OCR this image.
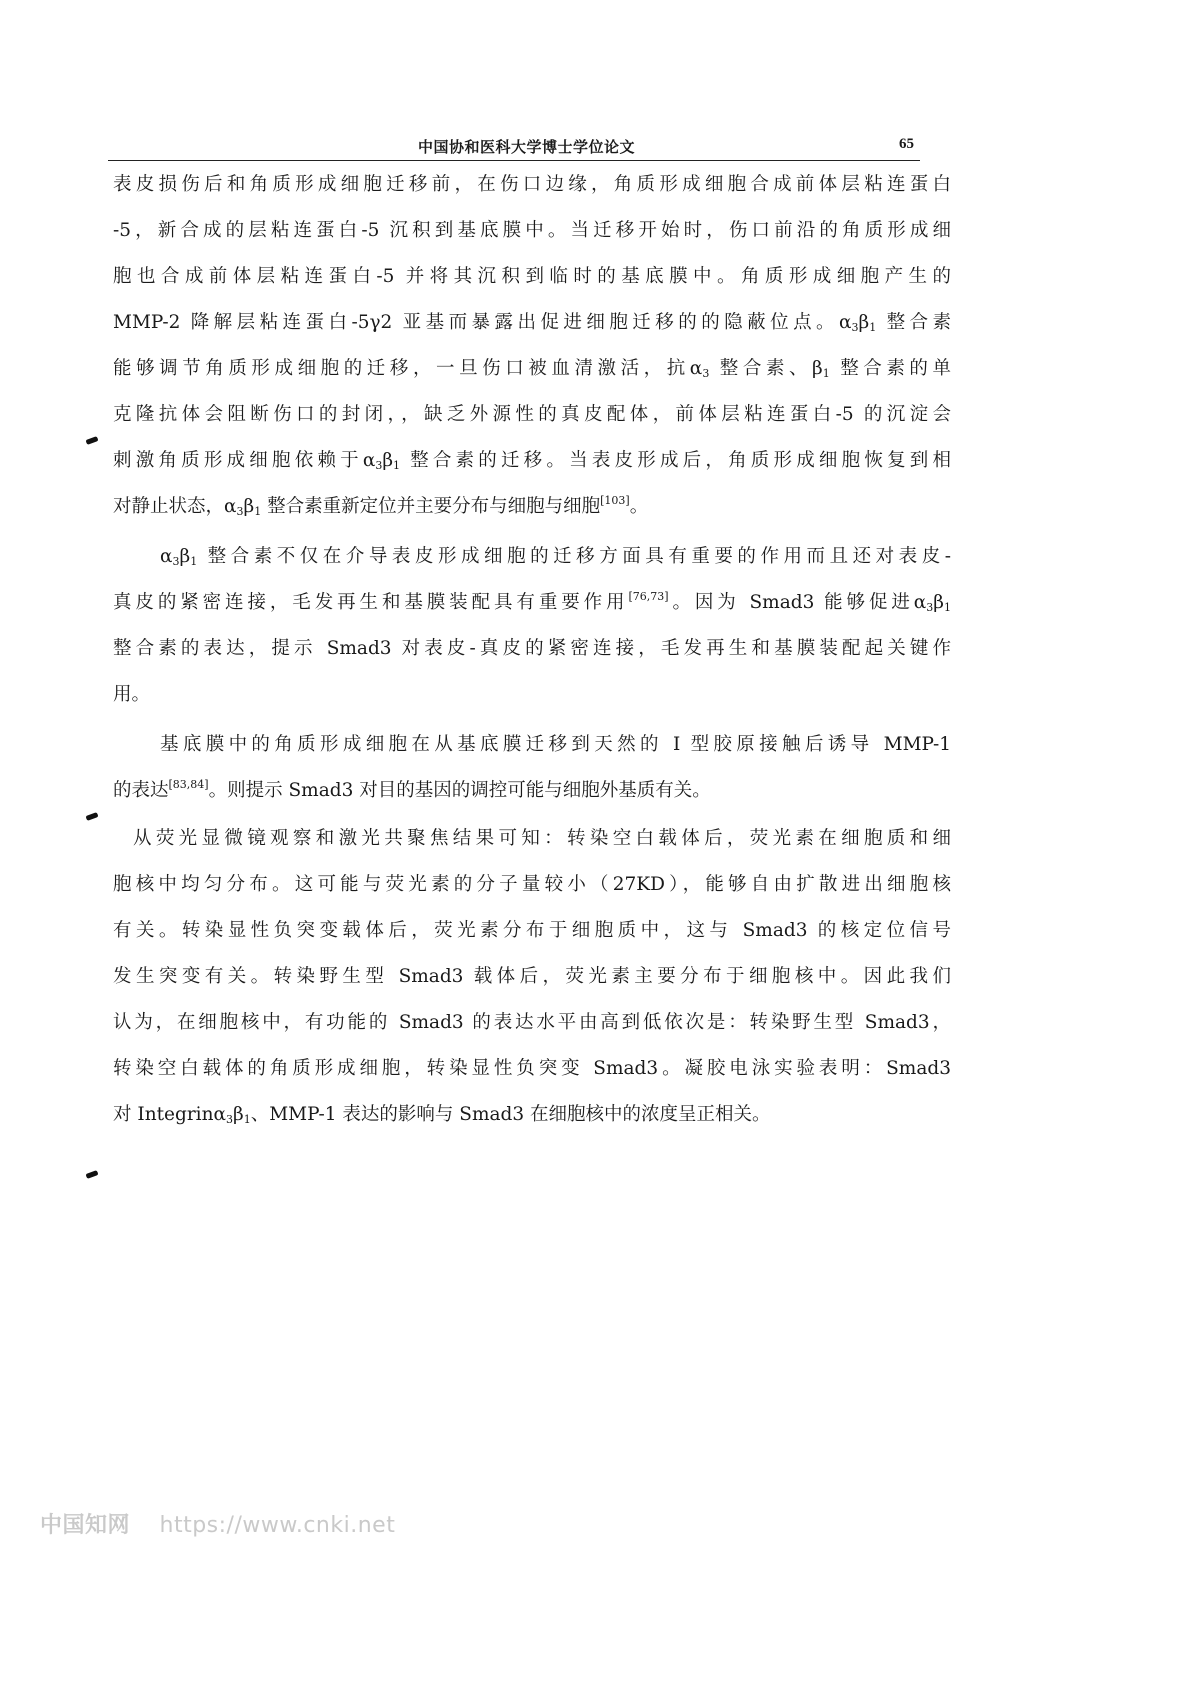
中国协和医科大学博士学位论文	65
表皮损伤后和角质形成细胞迁移前，在伤口边缘，角质形成细胞合成前体层粘连蛋白
-5，新合成的层粘连蛋白-5 沉积到基底膜中。当迁移开始时，伤口前沿的角质形成细
胞也合成前体层粘连蛋白-5 并将其沉积到临时的基底膜中。角质形成细胞产生的
MMP-2 降解层粘连蛋白-5γ2 亚基而暴露出促进细胞迁移的的隐蔽位点。$\alpha_3\beta_1$ 整合素
能够调节角质形成细胞的迁移，一旦伤口被血清激活，抗$\alpha_3$ 整合素、$\beta_1$ 整合素的单
克隆抗体会阻断伤口的封闭，，缺乏外源性的真皮配体，前体层粘连蛋白-5 的沉淀会
刺激角质形成细胞依赖于$\alpha_3\beta_1$ 整合素的迁移。当表皮形成后，角质形成细胞恢复到相
对静止状态，$\alpha_3\beta_1$ 整合素重新定位并主要分布与细胞与细胞[103]。
$\alpha_3\beta_1$ 整合素不仅在介导表皮形成细胞的迁移方面具有重要的作用而且还对表皮-
真皮的紧密连接，毛发再生和基膜装配具有重要作用[76,73]。因为 Smad3 能够促进$\alpha_3\beta_1$
整合素的表达，提示 Smad3 对表皮-真皮的紧密连接，毛发再生和基膜装配起关键作
用。
基底膜中的角质形成细胞在从基底膜迁移到天然的 I 型胶原接触后诱导 MMP-1
的表达[83,84]。则提示 Smad3 对目的基因的调控可能与细胞外基质有关。
从荧光显微镜观察和激光共聚焦结果可知：转染空白载体后，荧光素在细胞质和细
胞核中均匀分布。这可能与荧光素的分子量较小（27KD），能够自由扩散进出细胞核
有关。转染显性负突变载体后，荧光素分布于细胞质中，这与 Smad3 的核定位信号
发生突变有关。转染野生型 Smad3 载体后，荧光素主要分布于细胞核中。因此我们
认为，在细胞核中，有功能的 Smad3 的表达水平由高到低依次是：转染野生型 Smad3，
转染空白载体的角质形成细胞，转染显性负突变 Smad3。凝胶电泳实验表明：Smad3
对 $Integrin\alpha_3\beta_1$、MMP-1 表达的影响与 Smad3 在细胞核中的浓度呈正相关。
中国知网 https://www.cnki.net
